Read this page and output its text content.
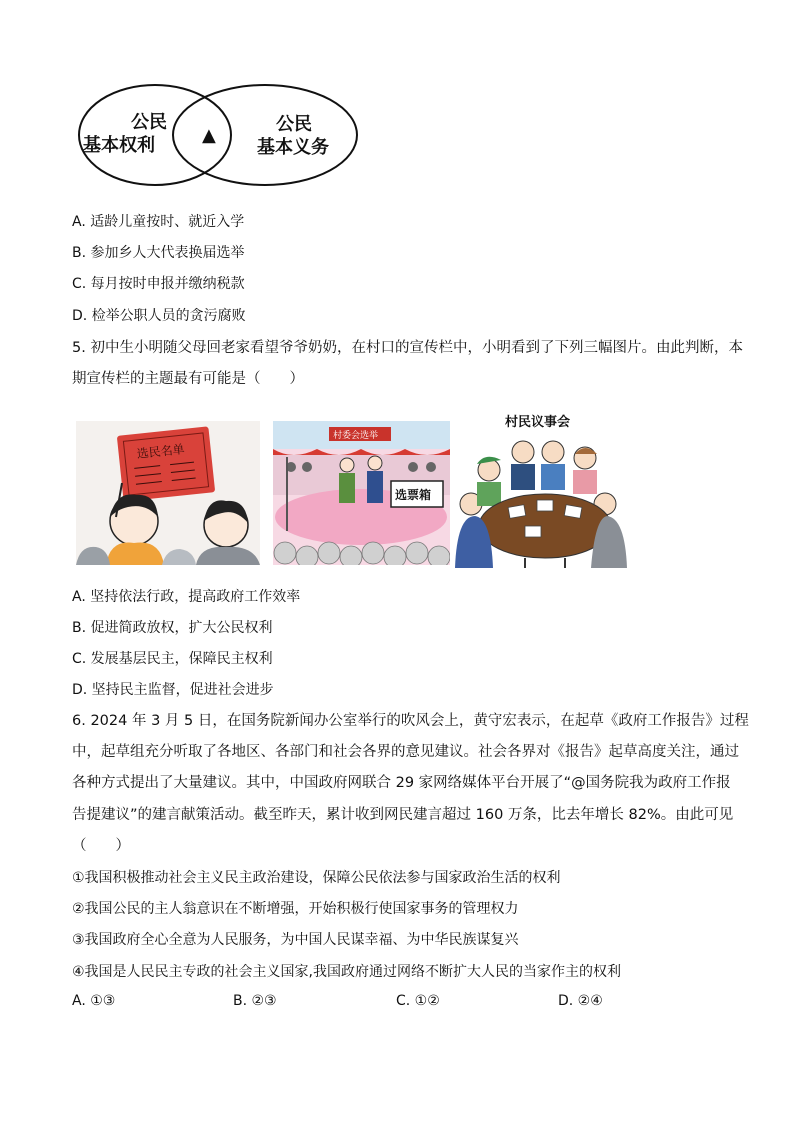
公民
基本权利	▲
公民
基本义务
A. 适龄儿童按时、就近入学
B. 参加乡人大代表换届选举
C. 每月按时申报并缴纳税款
D. 检举公职人员的贪污腐败
5. 初中生小明随父母回老家看望爷爷奶奶，在村口的宣传栏中，小明看到了下列三幅图片。由此判断，本
期宣传栏的主题最有可能是（　　）
选民名单
村委会选举
选票箱
村民议事会
A. 坚持依法行政，提高政府工作效率
B. 促进简政放权，扩大公民权利
C. 发展基层民主，保障民主权利
D. 坚持民主监督，促进社会进步
6. 2024 年 3 月 5 日，在国务院新闻办公室举行的吹风会上，黄守宏表示，在起草《政府工作报告》过程
中，起草组充分听取了各地区、各部门和社会各界的意见建议。社会各界对《报告》起草高度关注，通过
各种方式提出了大量建议。其中，中国政府网联合 29 家网络媒体平台开展了“@国务院我为政府工作报
告提建议”的建言献策活动。截至昨天，累计收到网民建言超过 160 万条，比去年增长 82%。由此可见
（　　）
①我国积极推动社会主义民主政治建设，保障公民依法参与国家政治生活的权利
②我国公民的主人翁意识在不断增强，开始积极行使国家事务的管理权力
③我国政府全心全意为人民服务，为中国人民谋幸福、为中华民族谋复兴
④我国是人民民主专政的社会主义国家,我国政府通过网络不断扩大人民的当家作主的权利
A. ①③	B. ②③	C. ①②	D. ②④
